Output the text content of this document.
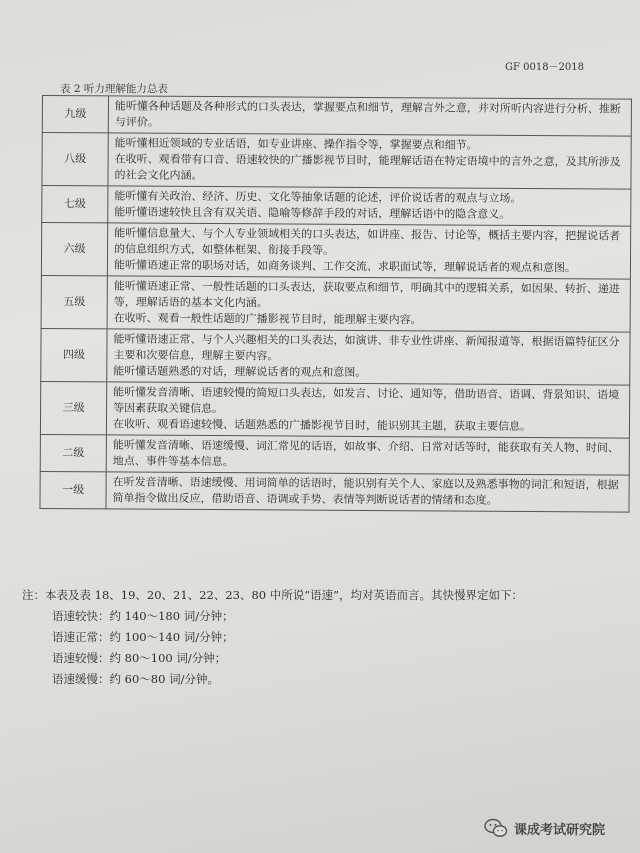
GF 0018－2018
表 2 听力理解能力总表
九级	能听懂各种话题及各种形式的口头表达，掌握要点和细节，理解言外之意，并对所听内容进行分析、推断与评价。

八级	能听懂相近领域的专业话语，如专业讲座、操作指令等，掌握要点和细节。

在收听、观看带有口音、语速较快的广播影视节目时，能理解话语在特定语境中的言外之意，及其所涉及的社会文化内涵。

七级	能听懂有关政治、经济、历史、文化等抽象话题的论述，评价说话者的观点与立场。

能听懂语速较快且含有双关语、隐喻等修辞手段的对话，理解话语中的隐含意义。

六级	能听懂信息量大、与个人专业领域相关的口头表达，如讲座、报告、讨论等，概括主要内容，把握说话者的信息组织方式，如整体框架、衔接手段等。

能听懂语速正常的职场对话，如商务谈判、工作交流、求职面试等，理解说话者的观点和意图。

五级	能听懂语速正常、一般性话题的口头表达，获取要点和细节，明确其中的逻辑关系，如因果、转折、递进等，理解话语的基本文化内涵。

在收听、观看一般性话题的广播影视节目时，能理解主要内容。

四级	能听懂语速正常、与个人兴趣相关的口头表达，如演讲、非专业性讲座、新闻报道等，根据语篇特征区分主要和次要信息，理解主要内容。

能听懂话题熟悉的对话，理解说话者的观点和意图。

三级	能听懂发音清晰、语速较慢的简短口头表达，如发言、讨论、通知等，借助语音、语调、背景知识、语境等因素获取关键信息。

在收听、观看语速较慢、话题熟悉的广播影视节目时，能识别其主题，获取主要信息。

二级	能听懂发音清晰、语速缓慢、词汇常见的话语，如故事、介绍、日常对话等时，能获取有关人物、时间、地点、事件等基本信息。

一级	在听发音清晰、语速缓慢、用词简单的话语时，能识别有关个人、家庭以及熟悉事物的词汇和短语，根据简单指令做出反应，借助语音、语调或手势、表情等判断说话者的情绪和态度。

注：本表及表 18、19、20、21、22、23、80 中所说“语速”，均对英语而言。其快慢界定如下：

语速较快：约 140～180 词/分钟；

语速正常：约 100～140 词/分钟；

语速较慢：约 80～100 词/分钟；

语速缓慢：约 60～80 词/分钟。

课成考试研究院
